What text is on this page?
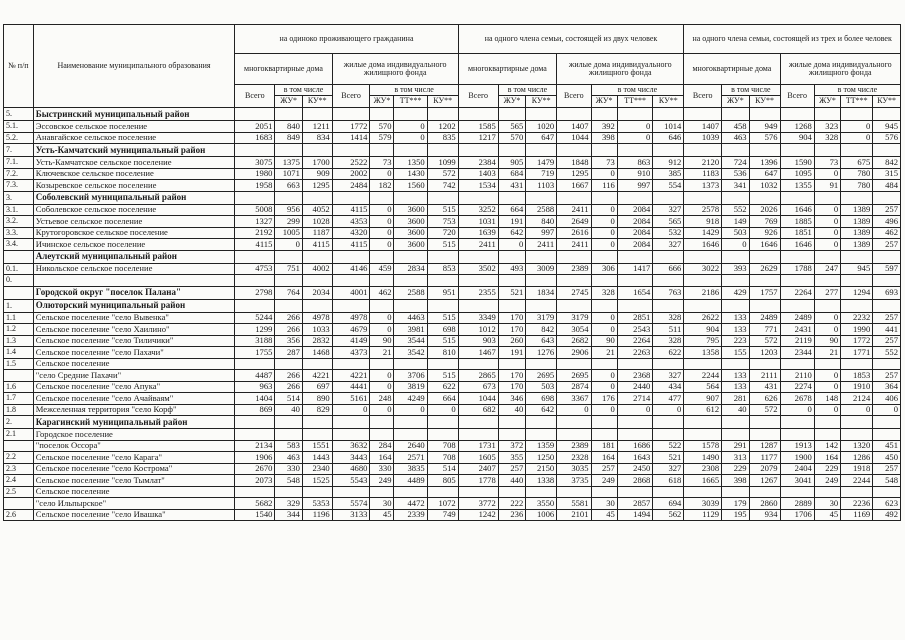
№ п/п	Наименование муниципального образования	на одиноко проживающего гражданина							на одного члена семьи, состоящей из двух человек							на одного члена семьи, состоящей из трех и более человек						
		многоквартирные дома			жилые дома индивидуального жилищного фонда				многоквартирные дома			жилые дома индивидуального жилищного фонда				многоквартирные дома			жилые дома индивидуального жилищного фонда			
		Всего	в том числе		Всего	в том числе			Всего	в том числе		Всего	в том числе			Всего	в том числе		Всего	в том числе		
			ЖУ*	КУ**		ЖУ*	ТТ***	КУ**		ЖУ*	КУ**		ЖУ*	ТТ***	КУ**		ЖУ*	КУ**		ЖУ*	ТТ***	КУ**
5.	Быстринский муниципальный район																					
5.1.	Эссовское сельское поселение	2051	840	1211	1772	570	0	1202	1585	565	1020	1407	392	0	1014	1407	458	949	1268	323	0	945
5.2.	Анавгайское сельское поселение	1683	849	834	1414	579	0	835	1217	570	647	1044	398	0	646	1039	463	576	904	328	0	576
7.	Усть-Камчатский муниципальный район																					
7.1.	Усть-Камчатское сельское поселение	3075	1375	1700	2522	73	1350	1099	2384	905	1479	1848	73	863	912	2120	724	1396	1590	73	675	842
7.2.	Ключевское сельское поселение	1980	1071	909	2002	0	1430	572	1403	684	719	1295	0	910	385	1183	536	647	1095	0	780	315
7.3.	Козыревское сельское поселение	1958	663	1295	2484	182	1560	742	1534	431	1103	1667	116	997	554	1373	341	1032	1355	91	780	484
3.	Соболевский муниципальный район																					
3.1.	Соболевское сельское поселение	5008	956	4052	4115	0	3600	515	3252	664	2588	2411	0	2084	327	2578	552	2026	1646	0	1389	257
3.2.	Устьевое сельское поселение	1327	299	1028	4353	0	3600	753	1031	191	840	2649	0	2084	565	918	149	769	1885	0	1389	496
3.3.	Крутогоровское сельское поселение	2192	1005	1187	4320	0	3600	720	1639	642	997	2616	0	2084	532	1429	503	926	1851	0	1389	462
3.4.	Ичинское сельское поселение	4115	0	4115	4115	0	3600	515	2411	0	2411	2411	0	2084	327	1646	0	1646	1646	0	1389	257
	Алеутский муниципальный район																					
0.1.	Никольское сельское поселение	4753	751	4002	4146	459	2834	853	3502	493	3009	2389	306	1417	666	3022	393	2629	1788	247	945	597
0.																						
	Городской округ "поселок Палана"	2798	764	2034	4001	462	2588	951	2355	521	1834	2745	328	1654	763	2186	429	1757	2264	277	1294	693
1.	Олюторский муниципальный район																					
1.1	Сельское поселение "село Вывенка"	5244	266	4978	4978	0	4463	515	3349	170	3179	3179	0	2851	328	2622	133	2489	2489	0	2232	257
1.2	Сельское поселение "село Хаилино"	1299	266	1033	4679	0	3981	698	1012	170	842	3054	0	2543	511	904	133	771	2431	0	1990	441
1.3	Сельское поселение "село Тиличики"	3188	356	2832	4149	90	3544	515	903	260	643	2682	90	2264	328	795	223	572	2119	90	1772	257
1.4	Сельское поселение "село Пахачи"	1755	287	1468	4373	21	3542	810	1467	191	1276	2906	21	2263	622	1358	155	1203	2344	21	1771	552
1.5	Сельское поселение																					
	"село Средние Пахачи"	4487	266	4221	4221	0	3706	515	2865	170	2695	2695	0	2368	327	2244	133	2111	2110	0	1853	257
1.6	Сельское поселение "село Апука"	963	266	697	4441	0	3819	622	673	170	503	2874	0	2440	434	564	133	431	2274	0	1910	364
1.7	Сельское поселение "село Ачайваям"	1404	514	890	5161	248	4249	664	1044	346	698	3367	176	2714	477	907	281	626	2678	148	2124	406
1.8	Межселенная территория "село Корф"	869	40	829	0	0	0	0	682	40	642	0	0	0	0	612	40	572	0	0	0	0
2.	Карагинский муниципальный район																					
2.1	Городское поселение																					
	"поселок Оссора"	2134	583	1551	3632	284	2640	708	1731	372	1359	2389	181	1686	522	1578	291	1287	1913	142	1320	451
2.2	Сельское поселение "село Карага"	1906	463	1443	3443	164	2571	708	1605	355	1250	2328	164	1643	521	1490	313	1177	1900	164	1286	450
2.3	Сельское поселение "село Кострома"	2670	330	2340	4680	330	3835	514	2407	257	2150	3035	257	2450	327	2308	229	2079	2404	229	1918	257
2.4	Сельское поселение "село Тымлат"	2073	548	1525	5543	249	4489	805	1778	440	1338	3735	249	2868	618	1665	398	1267	3041	249	2244	548
2.5	Сельское поселение																					
	"село Ильпырское"	5682	329	5353	5574	30	4472	1072	3772	222	3550	5581	30	2857	694	3039	179	2860	2889	30	2236	623
2.6	Сельское поселение "село Ивашка"	1540	344	1196	3133	45	2339	749	1242	236	1006	2101	45	1494	562	1129	195	934	1706	45	1169	492
